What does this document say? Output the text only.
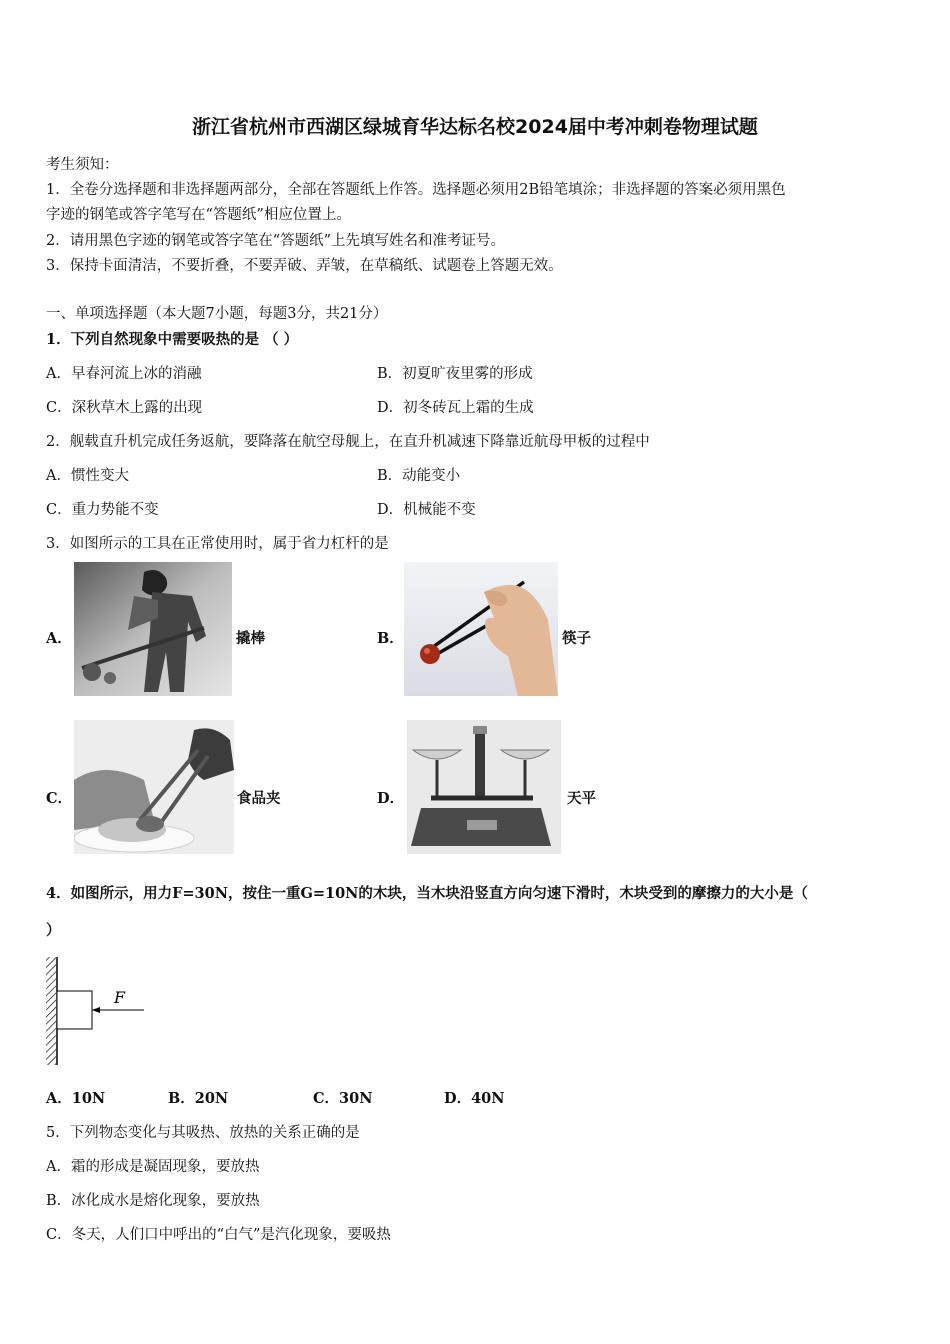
浙江省杭州市西湖区绿城育华达标名校2024届中考冲刺卷物理试题
考生须知：
1．全卷分选择题和非选择题两部分，全部在答题纸上作答。选择题必须用2B铅笔填涂；非选择题的答案必须用黑色
字迹的钢笔或答字笔写在“答题纸”相应位置上。
2．请用黑色字迹的钢笔或答字笔在“答题纸”上先填写姓名和准考证号。
3．保持卡面清洁，不要折叠，不要弄破、弄皱，在草稿纸、试题卷上答题无效。
一、单项选择题（本大题7小题，每题3分，共21分）
1．下列自然现象中需要吸热的是 （ ）
A．早春河流上冰的消融	B．初夏旷夜里雾的形成
C．深秋草木上露的出现	D．初冬砖瓦上霜的生成
2．舰载直升机完成任务返航，要降落在航空母舰上，在直升机减速下降靠近航母甲板的过程中
A．惯性变大	B．动能变小
C．重力势能不变	D．机械能不变
3．如图所示的工具在正常使用时，属于省力杠杆的是
A．	撬棒	B．	筷子
C．	食品夹	D．	天平
4．如图所示，用力F=30N，按住一重G=10N的木块，当木块沿竖直方向匀速下滑时，木块受到的摩擦力的大小是（
）
F
A．10N	B．20N	C．30N	D．40N
5．下列物态变化与其吸热、放热的关系正确的是
A．霜的形成是凝固现象，要放热
B．冰化成水是熔化现象，要放热
C．冬天，人们口中呼出的“白气”是汽化现象，要吸热
